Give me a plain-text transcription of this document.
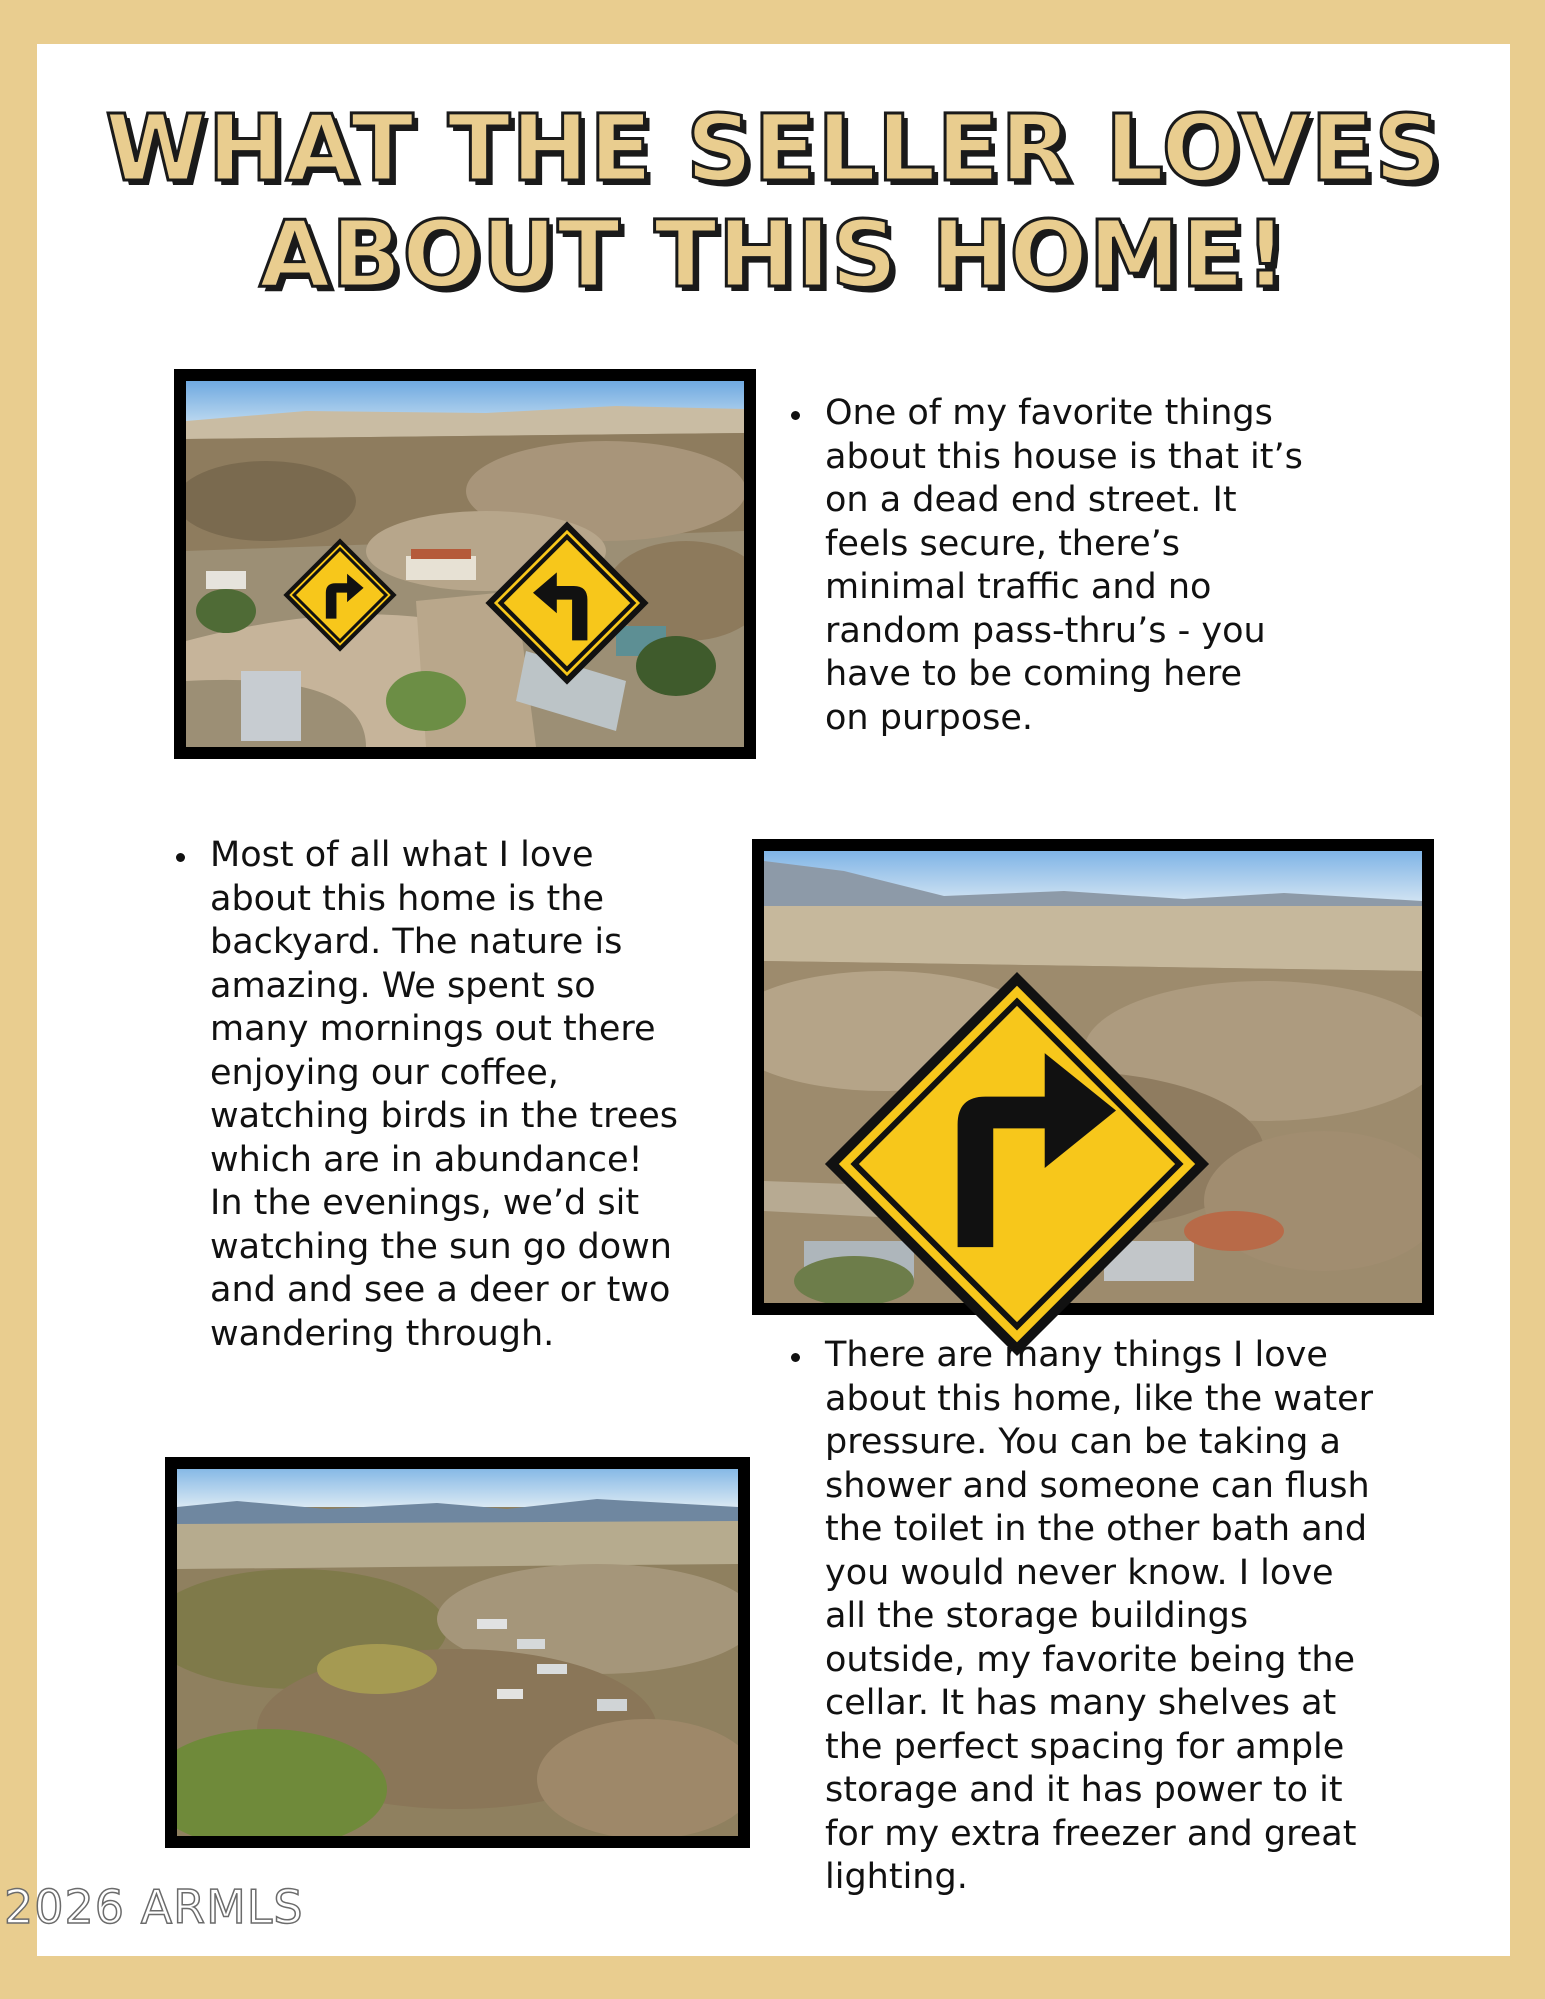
WHAT THE SELLER LOVES
ABOUT THIS HOME!
One of my favorite things
about this house is that it’s
on a dead end street. It
feels secure, there’s
minimal traffic and no
random pass-thru’s - you
have to be coming here
on purpose.
Most of all what I love
about this home is the
backyard. The nature is
amazing. We spent so
many mornings out there
enjoying our coffee,
watching birds in the trees
which are in abundance!
In the evenings, we’d sit
watching the sun go down
and and see a deer or two
wandering through.
There are many things I love
about this home, like the water
pressure. You can be taking a
shower and someone can flush
the toilet in the other bath and
you would never know. I love
all the storage buildings
outside, my favorite being the
cellar. It has many shelves at
the perfect spacing for ample
storage and it has power to it
for my extra freezer and great
lighting.
2026 ARMLS
